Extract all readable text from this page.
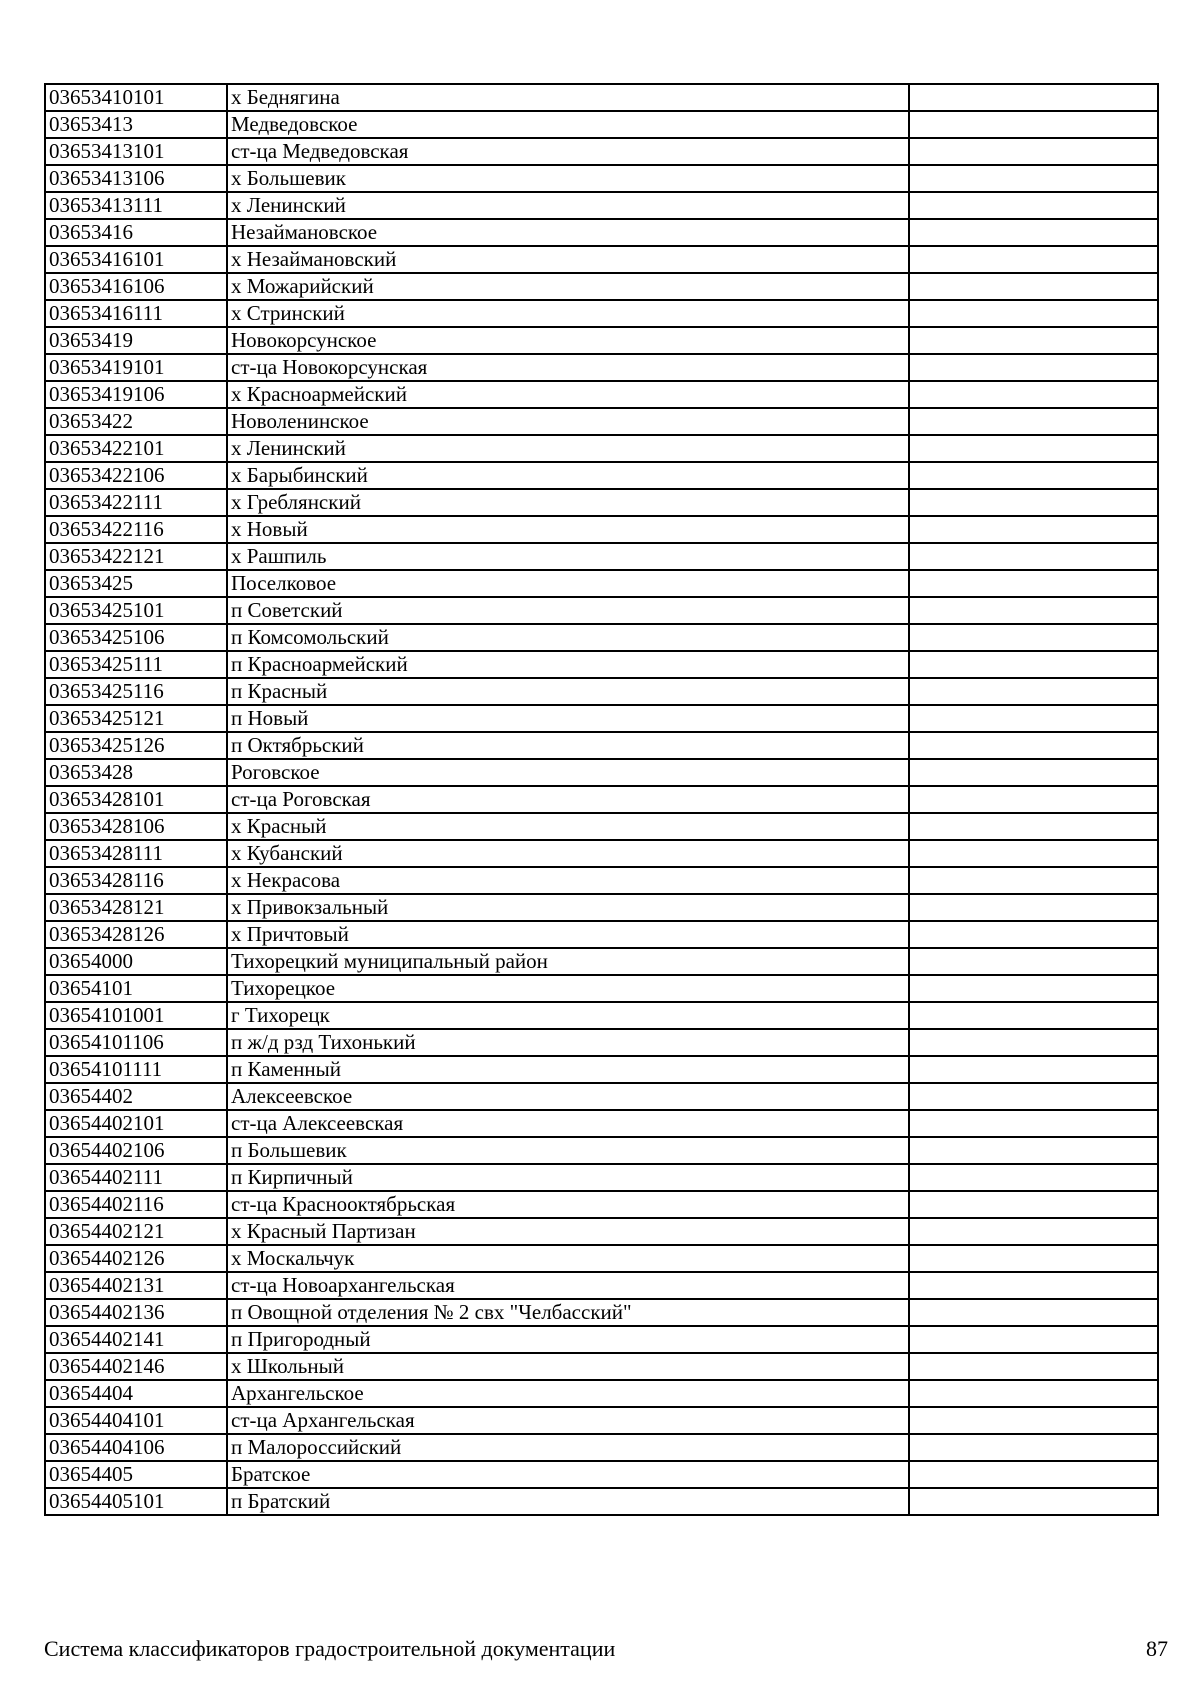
03653410101	х Беднягина	
03653413	Медведовское	
03653413101	ст-ца Медведовская	
03653413106	х Большевик	
03653413111	х Ленинский	
03653416	Незаймановское	
03653416101	х Незаймановский	
03653416106	х Можарийский	
03653416111	х Стринский	
03653419	Новокорсунское	
03653419101	ст-ца Новокорсунская	
03653419106	х Красноармейский	
03653422	Новоленинское	
03653422101	х Ленинский	
03653422106	х Барыбинский	
03653422111	х Греблянский	
03653422116	х Новый	
03653422121	х Рашпиль	
03653425	Поселковое	
03653425101	п Советский	
03653425106	п Комсомольский	
03653425111	п Красноармейский	
03653425116	п Красный	
03653425121	п Новый	
03653425126	п Октябрьский	
03653428	Роговское	
03653428101	ст-ца Роговская	
03653428106	х Красный	
03653428111	х Кубанский	
03653428116	х Некрасова	
03653428121	х Привокзальный	
03653428126	х Причтовый	
03654000	Тихорецкий муниципальный район	
03654101	Тихорецкое	
03654101001	г Тихорецк	
03654101106	п ж/д рзд Тихонький	
03654101111	п Каменный	
03654402	Алексеевское	
03654402101	ст-ца Алексеевская	
03654402106	п Большевик	
03654402111	п Кирпичный	
03654402116	ст-ца Краснооктябрьская	
03654402121	х Красный Партизан	
03654402126	х Москальчук	
03654402131	ст-ца Новоархангельская	
03654402136	п Овощной отделения № 2 свх "Челбасский"	
03654402141	п Пригородный	
03654402146	х Школьный	
03654404	Архангельское	
03654404101	ст-ца Архангельская	
03654404106	п Малороссийский	
03654405	Братское	
03654405101	п Братский	
Система классификаторов градостроительной документации	87
